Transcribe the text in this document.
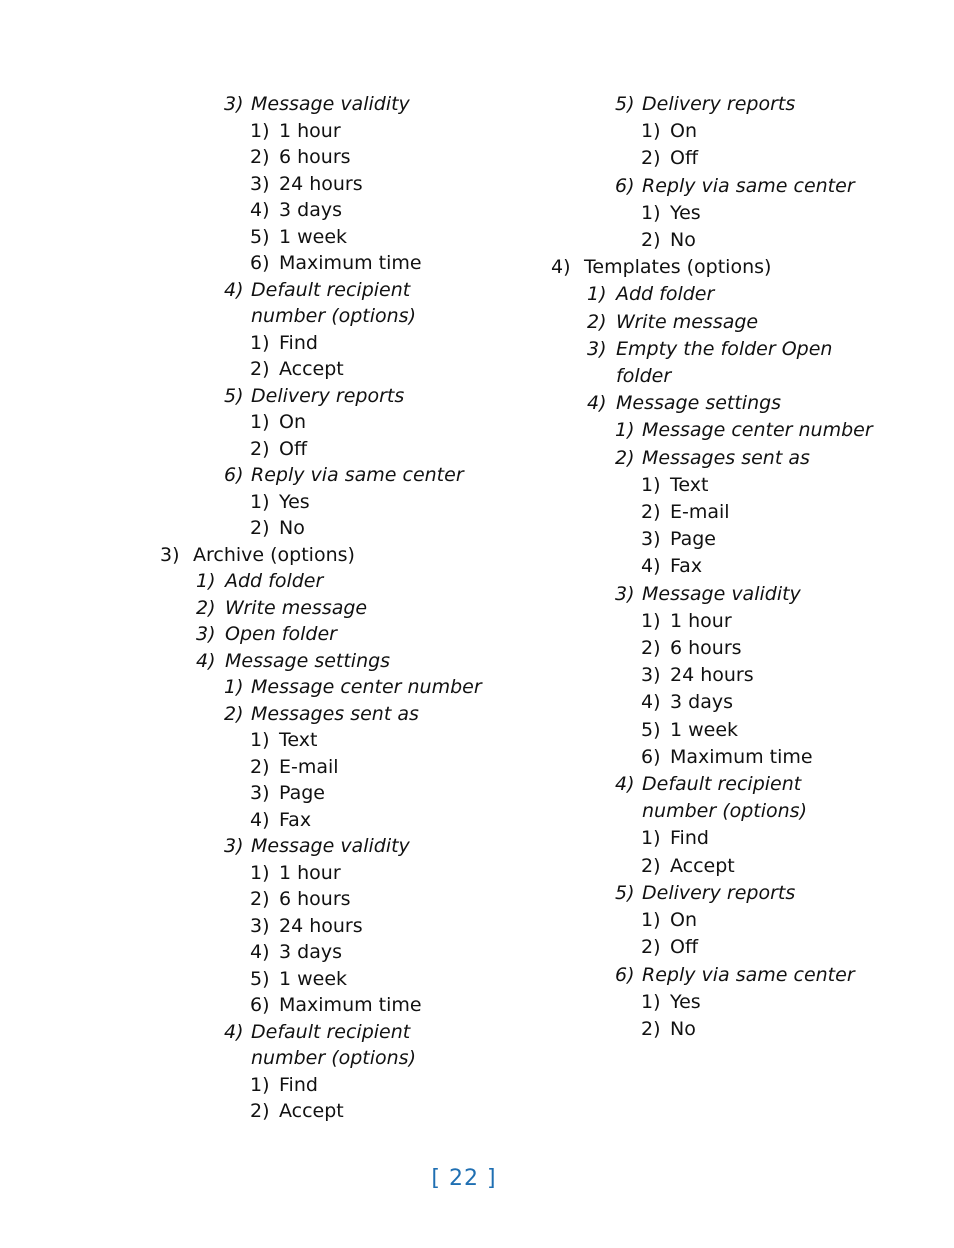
3) Message validity
1) 1 hour
2) 6 hours
3) 24 hours
4) 3 days
5) 1 week
6) Maximum time
4) Default recipient number (options)
1) Find
2) Accept
5) Delivery reports
1) On
2) Off
6) Reply via same center
1) Yes
2) No
3) Archive (options)
1) Add folder
2) Write message
3) Open folder
4) Message settings
1) Message center number
2) Messages sent as
1) Text
2) E-mail
3) Page
4) Fax
3) Message validity
1) 1 hour
2) 6 hours
3) 24 hours
4) 3 days
5) 1 week
6) Maximum time
4) Default recipient number (options)
1) Find
2) Accept
5) Delivery reports
1) On
2) Off
6) Reply via same center
1) Yes
2) No
4) Templates (options)
1) Add folder
2) Write message
3) Empty the folder Open folder
4) Message settings
1) Message center number
2) Messages sent as
1) Text
2) E-mail
3) Page
4) Fax
3) Message validity
1) 1 hour
2) 6 hours
3) 24 hours
4) 3 days
5) 1 week
6) Maximum time
4) Default recipient number (options)
1) Find
2) Accept
5) Delivery reports
1) On
2) Off
6) Reply via same center
1) Yes
2) No
[ 22 ]
